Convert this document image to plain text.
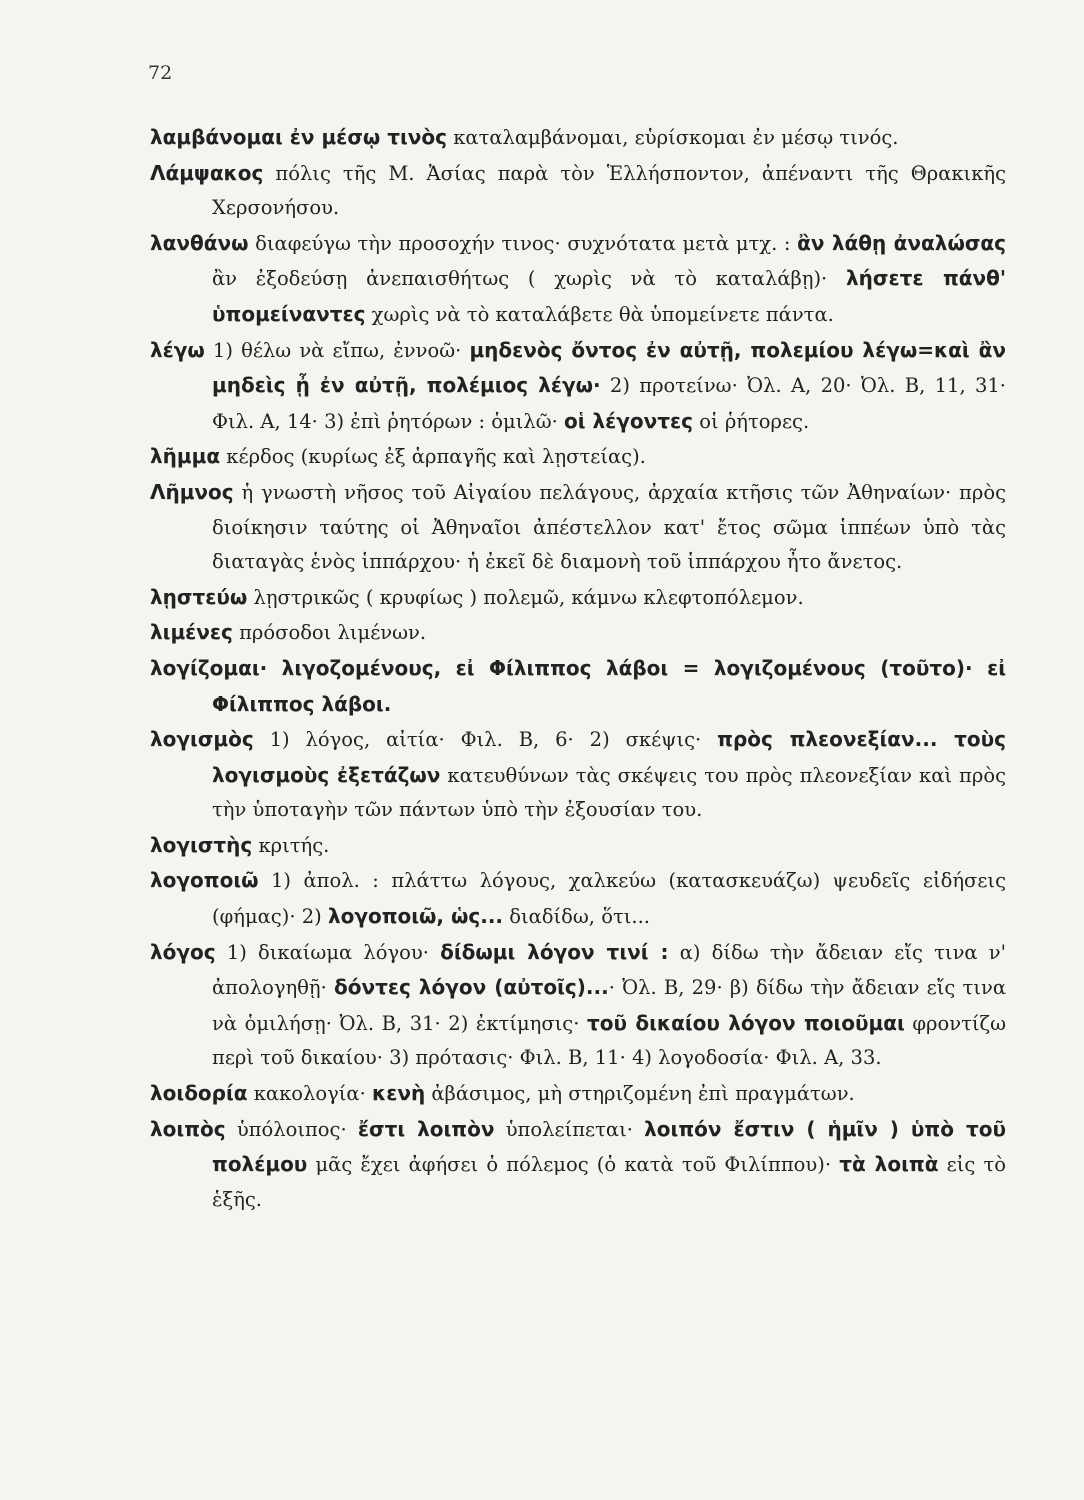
72
λαμβάνομαι ἐν μέσῳ τινὸς καταλαμβάνομαι, εὑρίσκομαι ἐν μέσῳ τινός.
Λάμψακος πόλις τῆς Μ. Ἀσίας παρὰ τὸν Ἑλλήσποντον, ἀπέναντι τῆς Θρακικῆς Χερσονήσου.
λανθάνω διαφεύγω τὴν προσοχήν τινος· συχνότατα μετὰ μτχ. : ἂν λάθῃ ἀναλώσας ἂν ἐξοδεύσῃ ἀνεπαισθήτως ( χωρὶς νὰ τὸ καταλάβῃ)· λήσετε πάνθ' ὑπομείναντες χωρὶς νὰ τὸ καταλάβετε θὰ ὑπομείνετε πάντα.
λέγω 1) θέλω νὰ εἴπω, ἐννοῶ· μηδενὸς ὄντος ἐν αὐτῇ, πολεμίου λέγω=καὶ ἂν μηδεὶς ᾖ ἐν αὐτῇ, πολέμιος λέγω· 2) προτείνω· Ὀλ. Α, 20· Ὀλ. Β, 11, 31· Φιλ. Α, 14· 3) ἐπὶ ῥητόρων : ὁμιλῶ· οἱ λέγοντες οἱ ῥήτορες.
λῆμμα κέρδος (κυρίως ἐξ ἁρπαγῆς καὶ λῃστείας).
Λῆμνος ἡ γνωστὴ νῆσος τοῦ Αἰγαίου πελάγους, ἀρχαία κτῆσις τῶν Ἀθηναίων· πρὸς διοίκησιν ταύτης οἱ Ἀθηναῖοι ἀπέστελλον κατ' ἔτος σῶμα ἱππέων ὑπὸ τὰς διαταγὰς ἑνὸς ἱππάρχου· ἡ ἐκεῖ δὲ διαμονὴ τοῦ ἱππάρχου ἦτο ἄνετος.
λῃστεύω λῃστρικῶς ( κρυφίως ) πολεμῶ, κάμνω κλεφτοπόλεμον.
λιμένες πρόσοδοι λιμένων.
λογίζομαι· λιγοζομένους, εἰ Φίλιππος λάβοι = λογιζομένους (τοῦτο)· εἰ Φίλιππος λάβοι.
λογισμὸς 1) λόγος, αἰτία· Φιλ. Β, 6· 2) σκέψις· πρὸς πλεονεξίαν... τοὺς λογισμοὺς ἐξετάζων κατευθύνων τὰς σκέψεις του πρὸς πλεονεξίαν καὶ πρὸς τὴν ὑποταγὴν τῶν πάντων ὑπὸ τὴν ἐξουσίαν του.
λογιστὴς κριτής.
λογοποιῶ 1) ἀπολ. : πλάττω λόγους, χαλκεύω (κατασκευάζω) ψευδεῖς εἰδήσεις (φήμας)· 2) λογοποιῶ, ὡς... διαδίδω, ὅτι...
λόγος 1) δικαίωμα λόγου· δίδωμι λόγον τινί : α) δίδω τὴν ἄδειαν εἴς τινα ν' ἀπολογηθῇ· δόντες λόγον (αὐτοῖς)...· Ὀλ. Β, 29· β) δίδω τὴν ἄδειαν εἴς τινα νὰ ὁμιλήσῃ· Ὀλ. Β, 31· 2) ἐκτίμησις· τοῦ δικαίου λόγον ποιοῦμαι φροντίζω περὶ τοῦ δικαίου· 3) πρότασις· Φιλ. Β, 11· 4) λογοδοσία· Φιλ. Α, 33.
λοιδορία κακολογία· κενὴ ἀβάσιμος, μὴ στηριζομένη ἐπὶ πραγμάτων.
λοιπὸς ὑπόλοιπος· ἔστι λοιπὸν ὑπολείπεται· λοιπόν ἔστιν ( ἡμῖν ) ὑπὸ τοῦ πολέμου μᾶς ἔχει ἀφήσει ὁ πόλεμος (ὁ κατὰ τοῦ Φιλίππου)· τὰ λοιπὰ εἰς τὸ ἑξῆς.
